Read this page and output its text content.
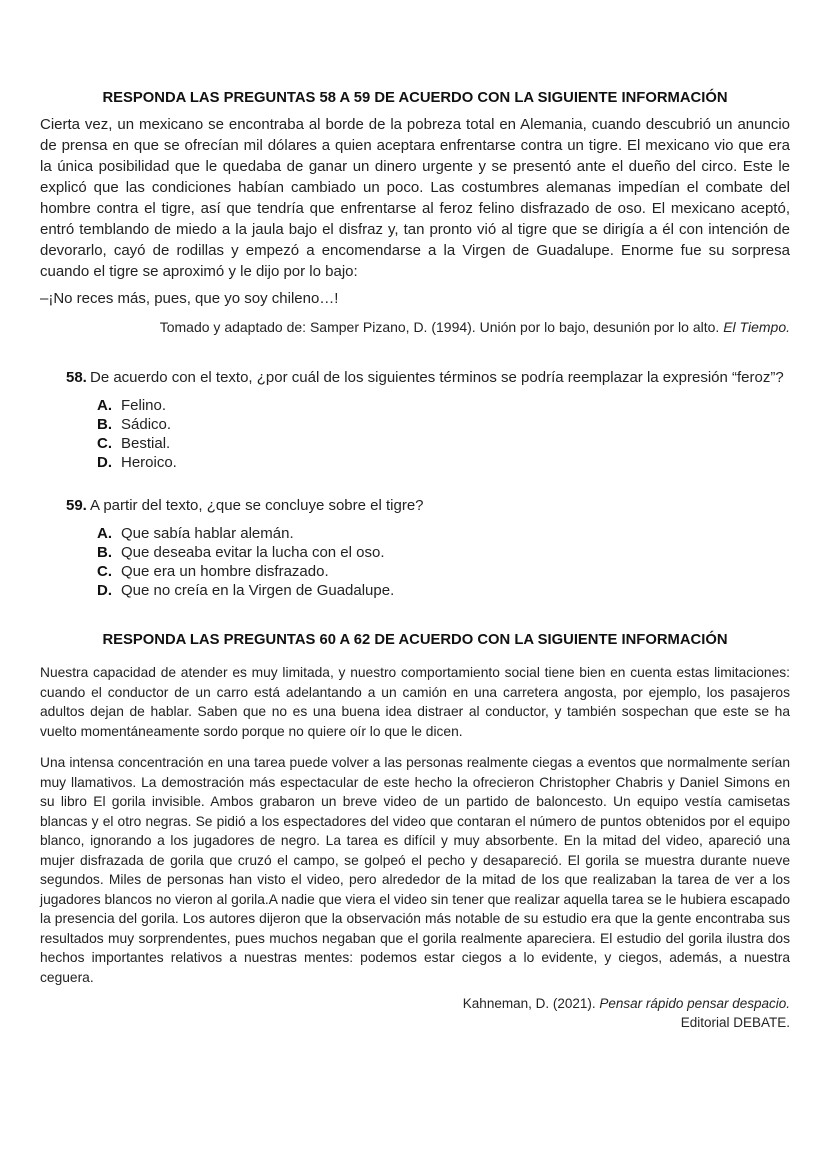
RESPONDA LAS PREGUNTAS 58 A 59 DE ACUERDO CON LA SIGUIENTE INFORMACIÓN
Cierta vez, un mexicano se encontraba al borde de la pobreza total en Alemania, cuando descubrió un anuncio de prensa en que se ofrecían mil dólares a quien aceptara enfrentarse contra un tigre. El mexicano vio que era la única posibilidad que le quedaba de ganar un dinero urgente y se presentó ante el dueño del circo. Este le explicó que las condiciones habían cambiado un poco. Las costumbres alemanas impedían el combate del hombre contra el tigre, así que tendría que enfrentarse al feroz felino disfrazado de oso. El mexicano aceptó, entró temblando de miedo a la jaula bajo el disfraz y, tan pronto vió al tigre que se dirigía a él con intención de devorarlo, cayó de rodillas y empezó a encomendarse a la Virgen de Guadalupe. Enorme fue su sorpresa cuando el tigre se aproximó y le dijo por lo bajo:
–¡No reces más, pues, que yo soy chileno…!
Tomado y adaptado de: Samper Pizano, D. (1994). Unión por lo bajo, desunión por lo alto. El Tiempo.
58. De acuerdo con el texto, ¿por cuál de los siguientes términos se podría reemplazar la expresión “feroz”?
A. Felino.
B. Sádico.
C. Bestial.
D. Heroico.
59. A partir del texto, ¿que se concluye sobre el tigre?
A. Que sabía hablar alemán.
B. Que deseaba evitar la lucha con el oso.
C. Que era un hombre disfrazado.
D. Que no creía en la Virgen de Guadalupe.
RESPONDA LAS PREGUNTAS 60 A 62 DE ACUERDO CON LA SIGUIENTE INFORMACIÓN
Nuestra capacidad de atender es muy limitada, y nuestro comportamiento social tiene bien en cuenta estas limitaciones: cuando el conductor de un carro está adelantando a un camión en una carretera angosta, por ejemplo, los pasajeros adultos dejan de hablar. Saben que no es una buena idea distraer al conductor, y también sospechan que este se ha vuelto momentáneamente sordo porque no quiere oír lo que le dicen.
Una intensa concentración en una tarea puede volver a las personas realmente ciegas a eventos que normalmente serían muy llamativos. La demostración más espectacular de este hecho la ofrecieron Christopher Chabris y Daniel Simons en su libro El gorila invisible. Ambos grabaron un breve video de un partido de baloncesto. Un equipo vestía camisetas blancas y el otro negras. Se pidió a los espectadores del video que contaran el número de puntos obtenidos por el equipo blanco, ignorando a los jugadores de negro. La tarea es difícil y muy absorbente. En la mitad del video, apareció una mujer disfrazada de gorila que cruzó el campo, se golpeó el pecho y desapareció. El gorila se muestra durante nueve segundos. Miles de personas han visto el video, pero alrededor de la mitad de los que realizaban la tarea de ver a los jugadores blancos no vieron al gorila.A nadie que viera el video sin tener que realizar aquella tarea se le hubiera escapado la presencia del gorila. Los autores dijeron que la observación más notable de su estudio era que la gente encontraba sus resultados muy sorprendentes, pues muchos negaban que el gorila realmente apareciera. El estudio del gorila ilustra dos hechos importantes relativos a nuestras mentes: podemos estar ciegos a lo evidente, y ciegos, además, a nuestra ceguera.
Kahneman, D. (2021). Pensar rápido pensar despacio.
Editorial DEBATE.
